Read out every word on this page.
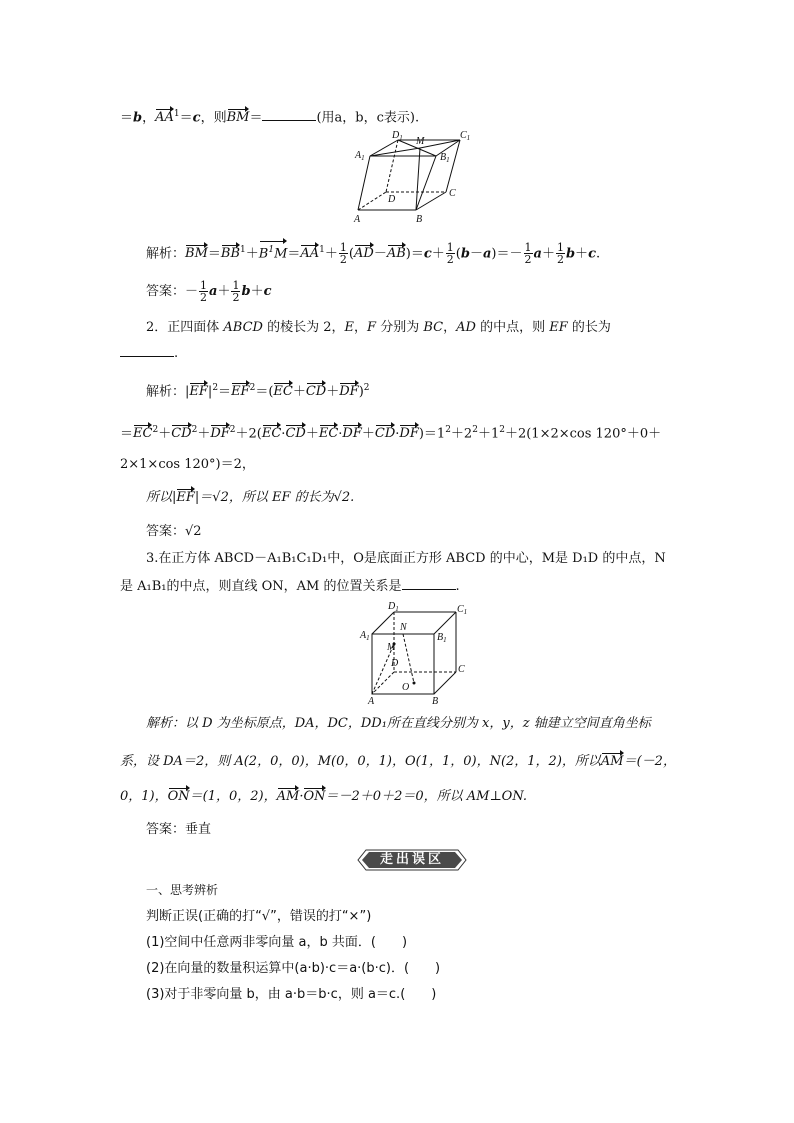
＝b，$AA^1=c$，则BM＝	(用a，b，c表示).
$D_1$	$C_1$
$A_1$
M
$B_1$
D
C
A	B
解析：$BM=BB^1+B^1M=AA^1+ \frac{1}{2} (AD-AB)=c+ \frac{1}{2} (b-a)=- \frac{1}{2} a+ \frac{1}{2} b+c$.
答案：－ $\frac{1}{2} a+ \frac{1}{2} b+c$
2．正四面体 ABCD 的棱长为 2，E，F 分别为 BC，AD 的中点，则 EF 的长为
.
解析：$|EF|^2=EF^2=(EC+CD+DF)^2$
$=EC^2+CD^2+DF^2+2(EC\cdot CD+EC\cdot DF+CD\cdot DF)=1^2+2^2+1^2+2(1\times 2\times\cos$ 120°＋0＋
2×1×cos 120°)＝2，
所以|EF|＝√2，所以 EF 的长为√2.
答案：√2
3.在正方体 ABCD－A₁B₁C₁D₁中，O是底面正方形 ABCD 的中心，M是 D₁D 的中点，N
是 A₁B₁的中点，则直线 ON，AM 的位置关系是	.
$D_1$	$C_1$
$A_1$
N
$B_1$
M
D
C
O
A	B
解析：以 D 为坐标原点，DA，DC，DD₁所在直线分别为 x，y，z 轴建立空间直角坐标
系，设 DA＝2，则 A(2，0，0)，M(0，0，1)，O(1，1，0)，N(2，1，2)，所以AM＝(－2，
0，1)，ON＝(1，0，2)，AM·ON＝－2＋0＋2＝0，所以 AM⊥ON.
答案：垂直
走出误区
一、思考辨析
判断正误(正确的打“√”，错误的打“×”)
(1)空间中任意两非零向量 a，b 共面．(　　)
(2)在向量的数量积运算中(a·b)·c＝a·(b·c)．(　　)
(3)对于非零向量 b，由 a·b＝b·c，则 a＝c.(　　)
